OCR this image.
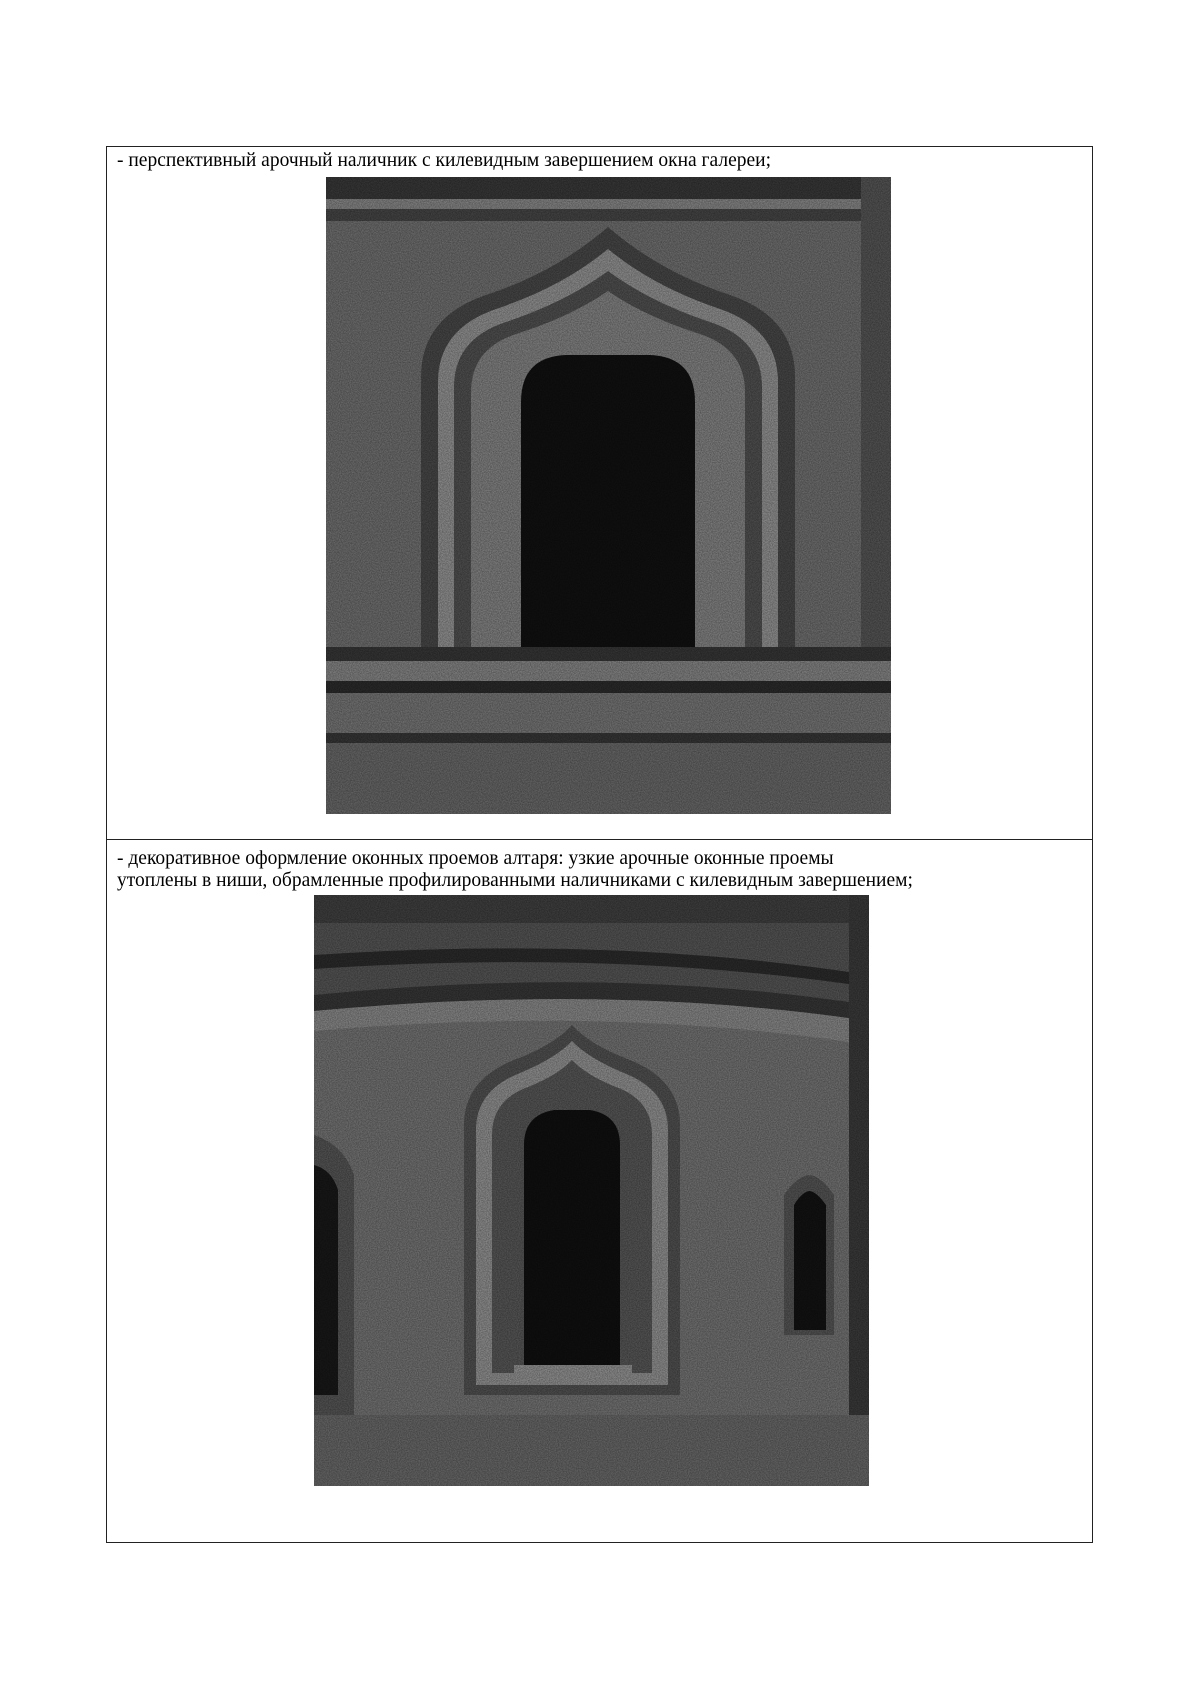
- перспективный арочный наличник с килевидным завершением окна галереи;
- декоративное оформление оконных проемов алтаря: узкие арочные оконные проемы
утоплены в ниши, обрамленные профилированными наличниками с килевидным завершением;
